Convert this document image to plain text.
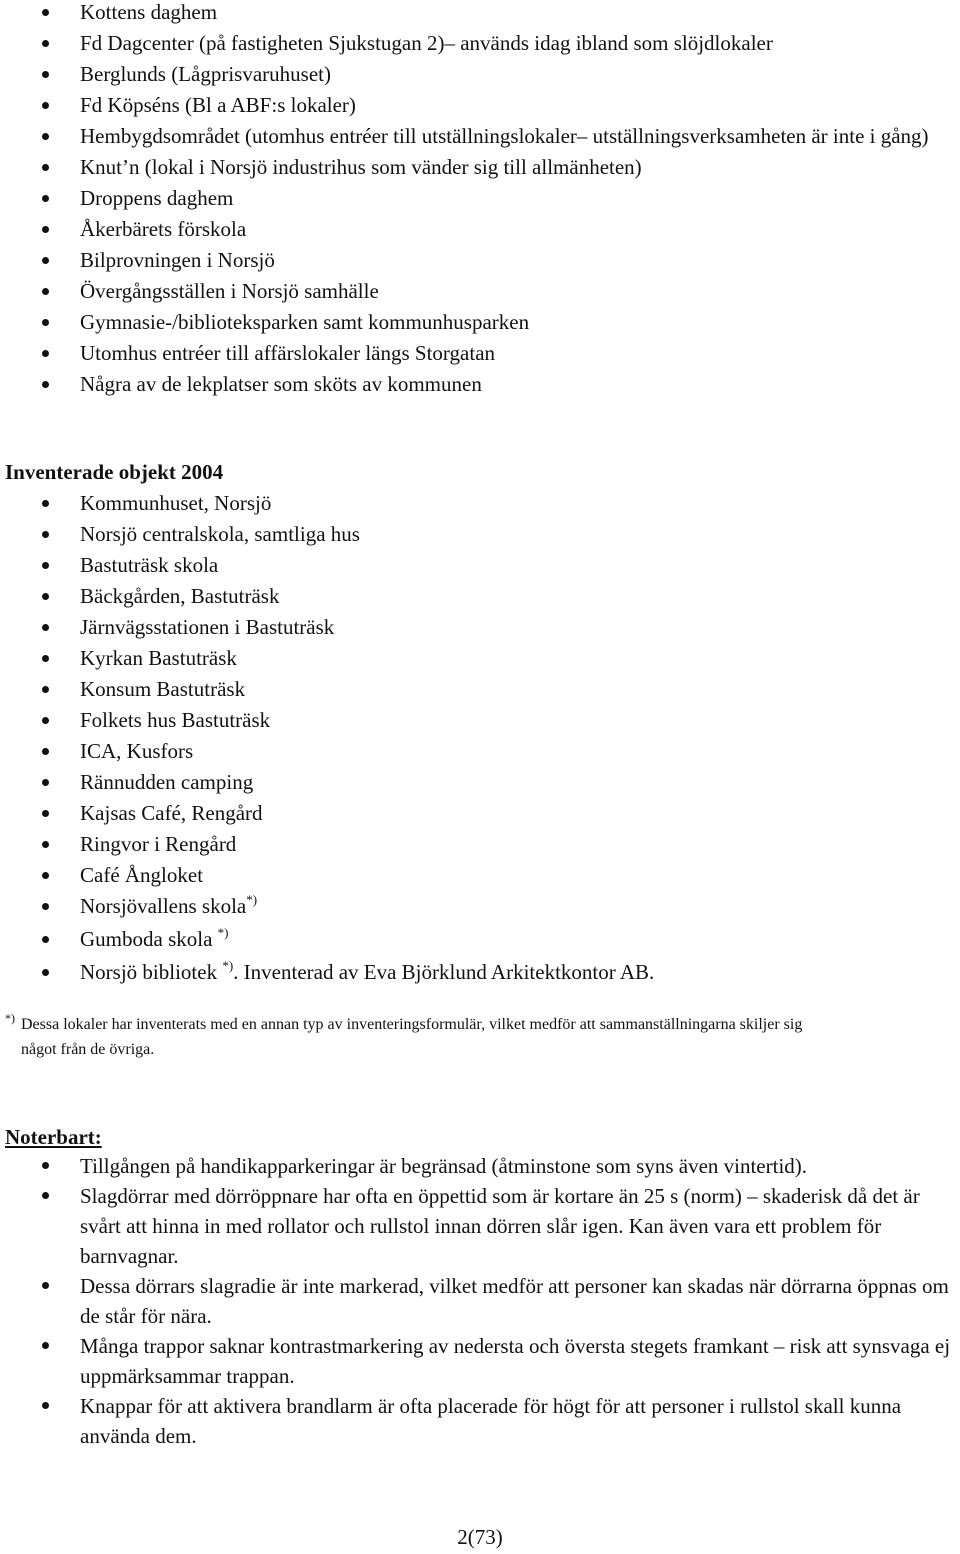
Kottens daghem
Fd Dagcenter (på fastigheten Sjukstugan 2)– används idag ibland som slöjdlokaler
Berglunds (Lågprisvaruhuset)
Fd Köpséns (Bl a ABF:s lokaler)
Hembygdsområdet (utomhus entréer till utställningslokaler– utställningsverksamheten är inte i gång)
Knut’n (lokal i Norsjö industrihus som vänder sig till allmänheten)
Droppens daghem
Åkerbärets förskola
Bilprovningen i Norsjö
Övergångsställen i Norsjö samhälle
Gymnasie-/biblioteksparken samt kommunhusparken
Utomhus entréer till affärslokaler längs Storgatan
Några av de lekplatser som sköts av kommunen
Inventerade objekt 2004
Kommunhuset, Norsjö
Norsjö centralskola, samtliga hus
Bastuträsk skola
Bäckgården, Bastuträsk
Järnvägsstationen i Bastuträsk
Kyrkan Bastuträsk
Konsum Bastuträsk
Folkets hus Bastuträsk
ICA, Kusfors
Rännudden camping
Kajsas Café, Rengård
Ringvor i Rengård
Café Ångloket
Norsjövallens skola*)
Gumboda skola *)
Norsjö bibliotek *). Inventerad av Eva Björklund Arkitektkontor AB.
*) Dessa lokaler har inventerats med en annan typ av inventeringsformulär, vilket medför att sammanställningarna skiljer sig något från de övriga.
Noterbart:
Tillgången på handikapparkeringar är begränsad (åtminstone som syns även vintertid).
Slagdörrar med dörröppnare har ofta en öppettid som är kortare än 25 s (norm) – skaderisk då det är svårt att hinna in med rollator och rullstol innan dörren slår igen. Kan även vara ett problem för barnvagnar.
Dessa dörrars slagradie är inte markerad, vilket medför att personer kan skadas när dörrarna öppnas om de står för nära.
Många trappor saknar kontrastmarkering av nedersta och översta stegets framkant – risk att synsvaga ej uppmärksammar trappan.
Knappar för att aktivera brandlarm är ofta placerade för högt för att personer i rullstol skall kunna använda dem.
2(73)
